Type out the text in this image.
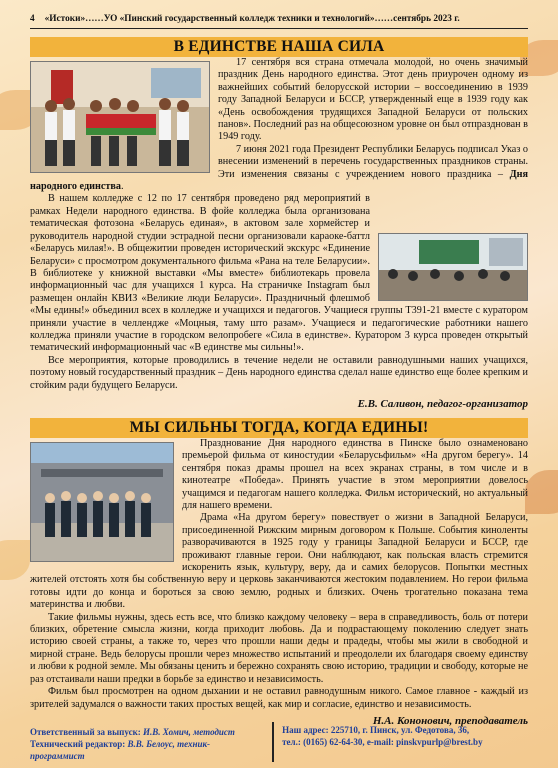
4 «Истоки»……УО «Пинский государственный колледж техники и технологий»……сентябрь 2023 г.
В ЕДИНСТВЕ НАША СИЛА

17 сентября вся страна отмечала молодой, но очень значимый праздник День народного единства. Этот день приурочен одному из важнейших событий белорусской истории – воссоединению в 1939 году Западной Беларуси и БССР, утвержденный еще в 1939 году как «День освобождения трудящихся Западной Беларуси от польских панов». Последний раз на общесоюзном уровне он был отпразднован в 1949 году.

7 июня 2021 года Президент Республики Беларусь подписал Указ о внесении изменений в перечень государственных праздников страны. Эти изменения связаны с учреждением нового праздника – Дня народного единства.

В нашем колледже с 12 по 17 сентября проведено ряд мероприятий в рамках Недели народного единства. В фойе колледжа была организована тематическая фотозона «Беларусь единая», в актовом зале хормейстер и руководитель народной студии эстрадной песни организовали караоке-баттл «Беларусь милая!». В общежитии проведен исторический экскурс «Единение Беларуси» с просмотром документального фильма «Рана на теле Беларусии». В библиотеке у книжной выставки «Мы вместе» библиотекарь провела информационный час для учащихся 1 курса. На страничке Instagram был размещен онлайн КВИЗ «Великие люди Беларуси». Праздничный флешмоб «Мы едины!» объединил всех в колледже и учащихся и педагогов. Учащиеся группы Т391-21 вместе с куратором приняли участие в челлендже «Моцныя, таму што разам». Учащиеся и педагогические работники нашего колледжа приняли участие в городском велопробеге «Сила в единстве». Куратором 3 курса проведен открытый тематический информационный час «В единстве мы сильны!».

Все мероприятия, которые проводились в течение недели не оставили равнодушными наших учащихся, поэтому новый государственный праздник – День народного единства сделал наше единство еще более крепким и стойким ради будущего Беларуси.

Е.В. Саливон, педагог-организатор
МЫ СИЛЬНЫ ТОГДА, КОГДА ЕДИНЫ!

Празднование Дня народного единства в Пинске было ознаменовано премьерой фильма от киностудии «Беларусьфильм» «На другом берегу». 14 сентября показ драмы прошел на всех экранах страны, в том числе и в кинотеатре «Победа». Принять участие в этом мероприятии довелось учащимся и педагогам нашего колледжа. Фильм исторический, но актуальный для нашего времени.

Драма «На другом берегу» повествует о жизни в Западной Беларуси, присоединенной Рижским мирным договором к Польше. События киноленты разворачиваются в 1925 году у границы Западной Беларуси и БССР, где проживают главные герои. Они наблюдают, как польская власть стремится искоренить язык, культуру, веру, да и самих белорусов. Попытки местных жителей отстоять хотя бы собственную веру и церковь заканчиваются жестоким подавлением. Но герои фильма готовы идти до конца и бороться за свою землю, родных и близких. Очень трогательно показана тема материнства и любви.

Такие фильмы нужны, здесь есть все, что близко каждому человеку – вера в справедливость, боль от потери близких, обретение смысла жизни, когда приходит любовь. Да и подрастающему поколению следует знать историю своей страны, а также то, через что прошли наши деды и прадеды, чтобы мы жили в свободной и мирной стране. Ведь белорусы прошли через множество испытаний и преодолели их благодаря своему единству и любви к родной земле. Мы обязаны ценить и бережно сохранять свою историю, традиции и свободу, которые не раз отстаивали наши предки в борьбе за единство и независимость.

Фильм был просмотрен на одном дыхании и не оставил равнодушным никого. Самое главное - каждый из зрителей задумался о важности таких простых вещей, как мир и согласие, единство и независимость.

Н.А. Кононович, преподаватель
Ответственный за выпуск: И.В. Хомич, методист
Технический редактор: В.В. Белоус, техник-программист
Наш адрес: 225710, г. Пинск, ул. Федотова, 36,
тел.: (0165) 62-64-30, e-mail: pinskvpurlp@brest.by
